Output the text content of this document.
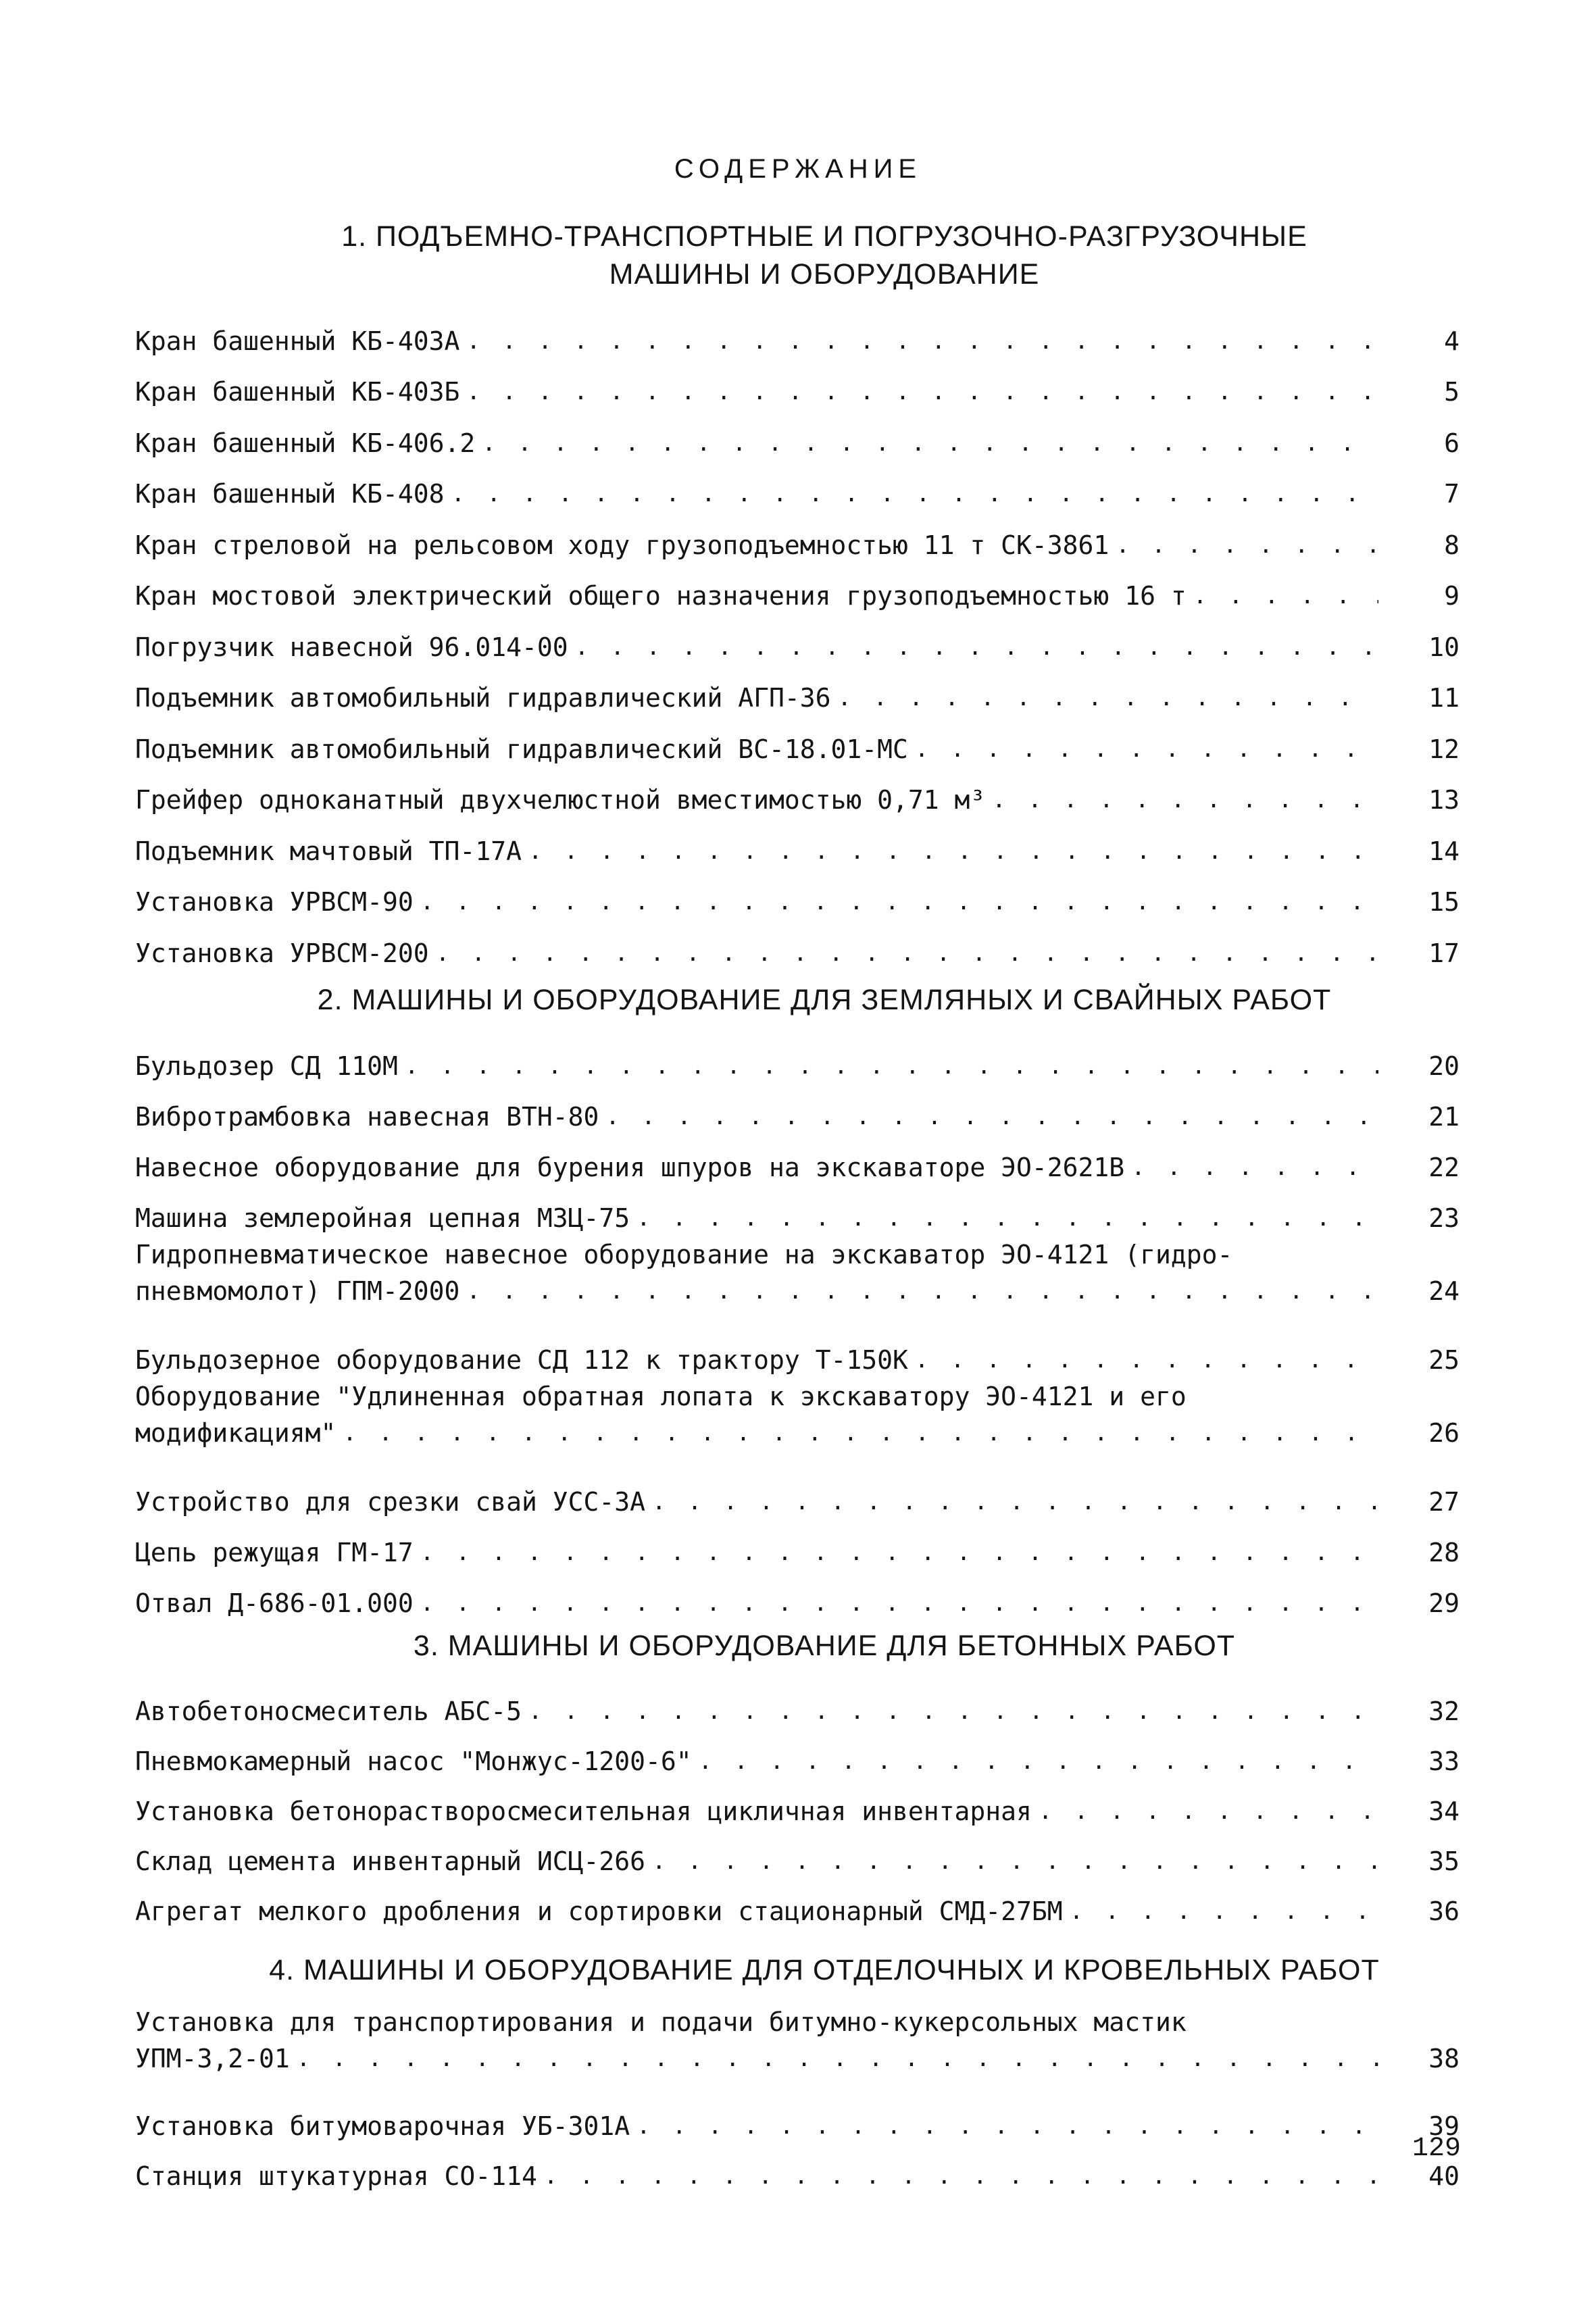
СОДЕРЖАНИЕ
1. ПОДЪЕМНО-ТРАНСПОРТНЫЕ И ПОГРУЗОЧНО-РАЗГРУЗОЧНЫЕ
МАШИНЫ И ОБОРУДОВАНИЕ
Кран башенный КБ-403А . . .	4
Кран башенный КБ-403Б . . .	5
Кран башенный КБ-406.2 . . .	6
Кран башенный КБ-408 . . .	7
Кран стреловой на рельсовом ходу грузоподъемностью 11 т СК-3861 . . .	8
Кран мостовой электрический общего назначения грузоподъемностью 16 т . . .	9
Погрузчик навесной 96.014-00 . . .	10
Подъемник автомобильный гидравлический АГП-36 . . .	11
Подъемник автомобильный гидравлический ВС-18.01-МС . . .	12
Грейфер одноканатный двухчелюстной вместимостью 0,71 м³ . . .	13
Подъемник мачтовый ТП-17А . . .	14
Установка УРВСМ-90 . . .	15
Установка УРВСМ-200 . . .	17
2. МАШИНЫ И ОБОРУДОВАНИЕ ДЛЯ ЗЕМЛЯНЫХ И СВАЙНЫХ РАБОТ
Бульдозер СД 110М . . .	20
Вибротрамбовка навесная ВТН-80 . . .	21
Навесное оборудование для бурения шпуров на экскаваторе ЭО-2621В . . .	22
Машина землеройная цепная МЗЦ-75 . . .	23
Гидропневматическое навесное оборудование на экскаватор ЭО-4121 (гидро-
пневмомолот) ГПМ-2000 . . .	24
Бульдозерное оборудование СД 112 к трактору Т-150К . . .	25
Оборудование "Удлиненная обратная лопата к экскаватору ЭО-4121 и его
модификациям" . . .	26
Устройство для срезки свай УСС-3А . . .	27
Цепь режущая ГМ-17 . . .	28
Отвал Д-686-01.000 . . .	29
3. МАШИНЫ И ОБОРУДОВАНИЕ ДЛЯ БЕТОННЫХ РАБОТ
Автобетоносмеситель АБС-5 . . .	32
Пневмокамерный насос "Монжус-1200-6" . . .	33
Установка бетонорастворосмесительная цикличная инвентарная . . .	34
Склад цемента инвентарный ИСЦ-266 . . .	35
Агрегат мелкого дробления и сортировки стационарный СМД-27БМ . . .	36
4. МАШИНЫ И ОБОРУДОВАНИЕ ДЛЯ ОТДЕЛОЧНЫХ И КРОВЕЛЬНЫХ РАБОТ
Установка для транспортирования и подачи битумно-кукерсольных мастик
УПМ-3,2-01 . . .	38
Установка битумоварочная УБ-301А . . .	39
Станция штукатурная СО-114 . . .	40
129
